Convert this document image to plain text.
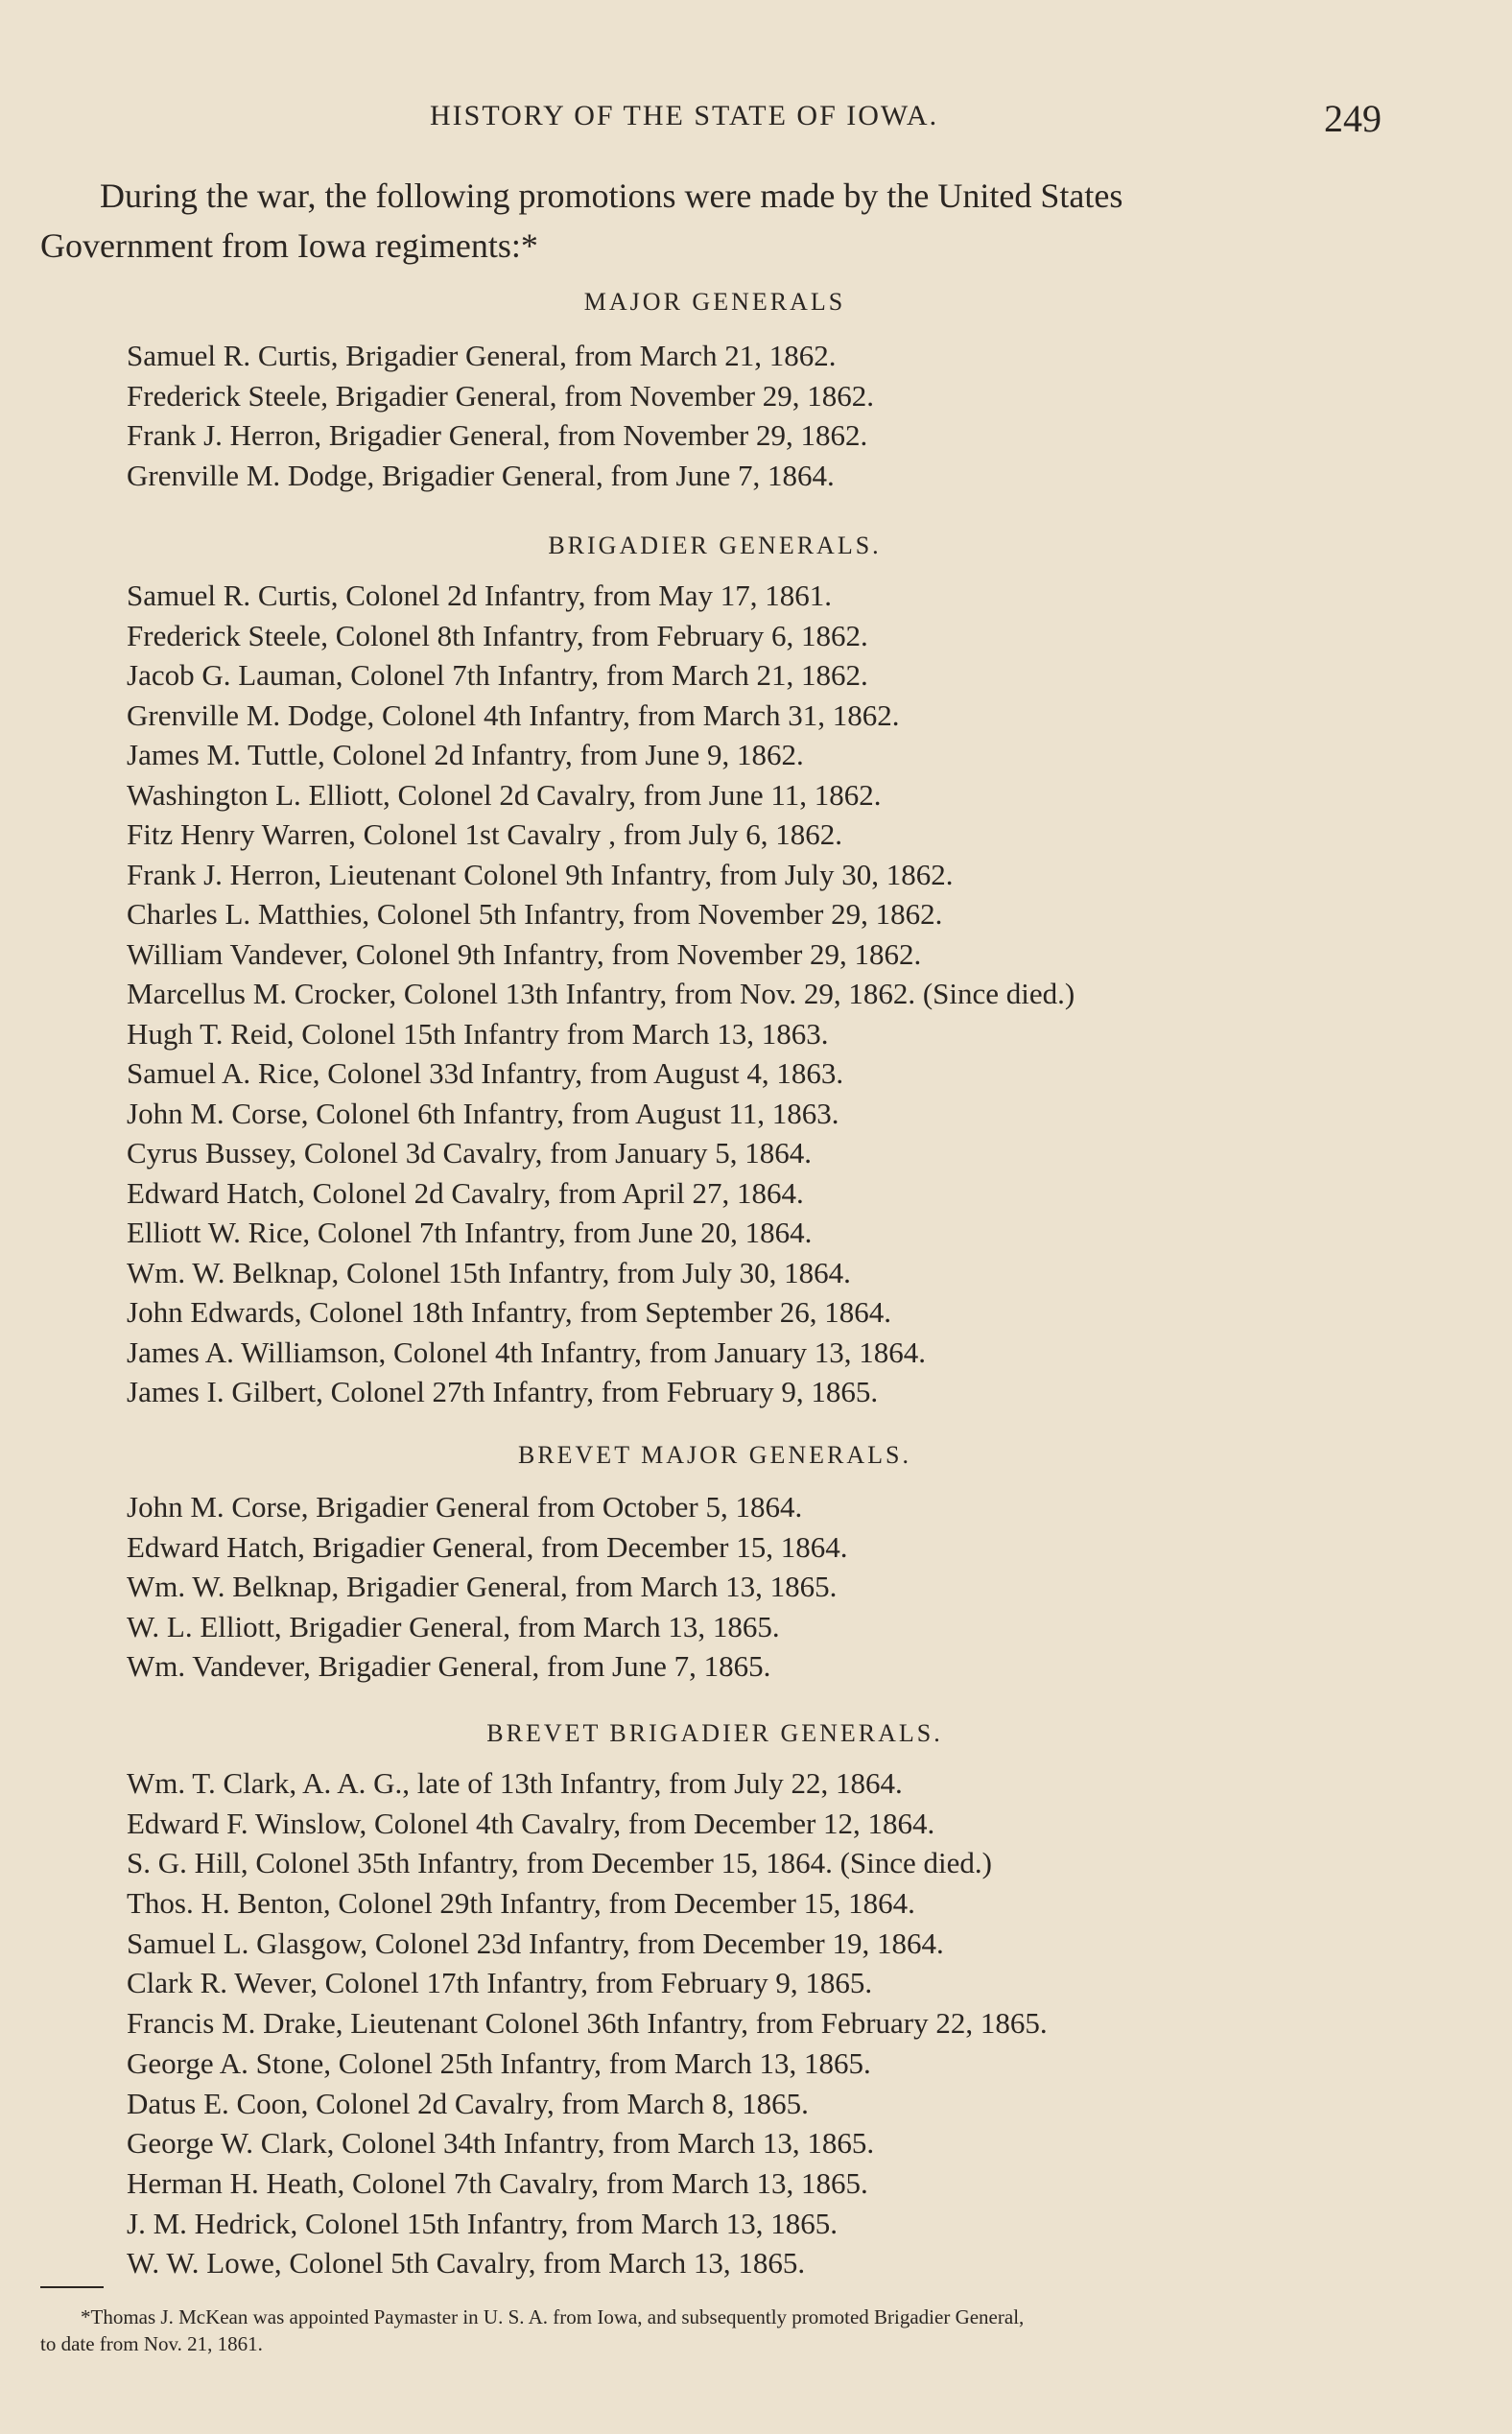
HISTORY OF THE STATE OF IOWA.	249

During the war, the following promotions were made by the United States
Government from Iowa regiments:*

MAJOR GENERALS
Samuel R. Curtis, Brigadier General, from March 21, 1862.
Frederick Steele, Brigadier General, from November 29, 1862.
Frank J. Herron, Brigadier General, from November 29, 1862.
Grenville M. Dodge, Brigadier General, from June 7, 1864.
BRIGADIER GENERALS.
Samuel R. Curtis, Colonel 2d Infantry, from May 17, 1861.
Frederick Steele, Colonel 8th Infantry, from February 6, 1862.
Jacob G. Lauman, Colonel 7th Infantry, from March 21, 1862.
Grenville M. Dodge, Colonel 4th Infantry, from March 31, 1862.
James M. Tuttle, Colonel 2d Infantry, from June 9, 1862.
Washington L. Elliott, Colonel 2d Cavalry, from June 11, 1862.
Fitz Henry Warren, Colonel 1st Cavalry , from July 6, 1862.
Frank J. Herron, Lieutenant Colonel 9th Infantry, from July 30, 1862.
Charles L. Matthies, Colonel 5th Infantry, from November 29, 1862.
William Vandever, Colonel 9th Infantry, from November 29, 1862.
Marcellus M. Crocker, Colonel 13th Infantry, from Nov. 29, 1862. (Since died.)
Hugh T. Reid, Colonel 15th Infantry from March 13, 1863.
Samuel A. Rice, Colonel 33d Infantry, from August 4, 1863.
John M. Corse, Colonel 6th Infantry, from August 11, 1863.
Cyrus Bussey, Colonel 3d Cavalry, from January 5, 1864.
Edward Hatch, Colonel 2d Cavalry, from April 27, 1864.
Elliott W. Rice, Colonel 7th Infantry, from June 20, 1864.
Wm. W. Belknap, Colonel 15th Infantry, from July 30, 1864.
John Edwards, Colonel 18th Infantry, from September 26, 1864.
James A. Williamson, Colonel 4th Infantry, from January 13, 1864.
James I. Gilbert, Colonel 27th Infantry, from February 9, 1865.
BREVET MAJOR GENERALS.
John M. Corse, Brigadier General from October 5, 1864.
Edward Hatch, Brigadier General, from December 15, 1864.
Wm. W. Belknap, Brigadier General, from March 13, 1865.
W. L. Elliott, Brigadier General, from March 13, 1865.
Wm. Vandever, Brigadier General, from June 7, 1865.
BREVET BRIGADIER GENERALS.
Wm. T. Clark, A. A. G., late of 13th Infantry, from July 22, 1864.
Edward F. Winslow, Colonel 4th Cavalry, from December 12, 1864.
S. G. Hill, Colonel 35th Infantry, from December 15, 1864. (Since died.)
Thos. H. Benton, Colonel 29th Infantry, from December 15, 1864.
Samuel L. Glasgow, Colonel 23d Infantry, from December 19, 1864.
Clark R. Wever, Colonel 17th Infantry, from February 9, 1865.
Francis M. Drake, Lieutenant Colonel 36th Infantry, from February 22, 1865.
George A. Stone, Colonel 25th Infantry, from March 13, 1865.
Datus E. Coon, Colonel 2d Cavalry, from March 8, 1865.
George W. Clark, Colonel 34th Infantry, from March 13, 1865.
Herman H. Heath, Colonel 7th Cavalry, from March 13, 1865.
J. M. Hedrick, Colonel 15th Infantry, from March 13, 1865.
W. W. Lowe, Colonel 5th Cavalry, from March 13, 1865.

*Thomas J. McKean was appointed Paymaster in U. S. A. from Iowa, and subsequently promoted Brigadier General,
to date from Nov. 21, 1861.
